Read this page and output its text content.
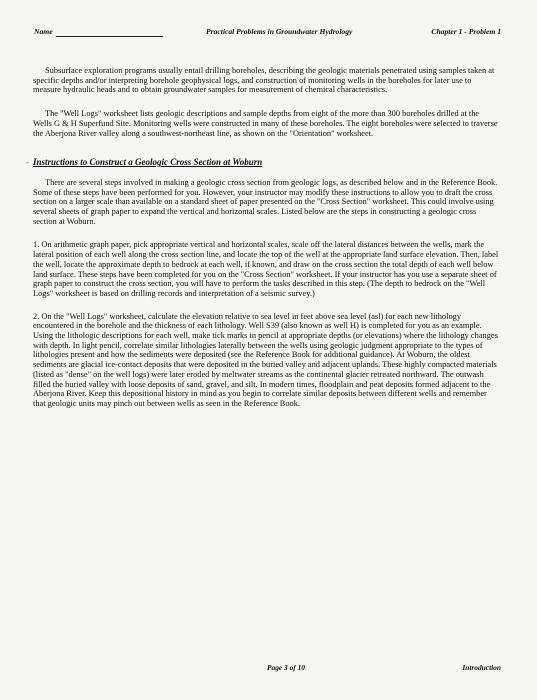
Name	Practical Problems in Groundwater Hydrology	Chapter 1 - Problem 1

Subsurface exploration programs usually entail drilling boreholes, describing the geologic materials penetrated using samples taken at specific depths and/or interpreting borehole geophysical logs, and construction of monitoring wells in the boreholes for later use to measure hydraulic heads and to obtain groundwater samples for measurement of chemical characteristics.

The "Well Logs" worksheet lists geologic descriptions and sample depths from eight of the more than 300 boreholes drilled at the Wells G & H Superfund Site. Monitoring wells were constructed in many of these boreholes. The eight boreholes were selected to traverse the Aberjona River valley along a southwest-northeast line, as shown on the "Orientation" worksheet.

- Instructions to Construct a Geologic Cross Section at Woburn

There are several steps involved in making a geologic cross section from geologic logs, as described below and in the Reference Book. Some of these steps have been performed for you. However, your instructor may modify these instructions to allow you to draft the cross section on a larger scale than available on a standard sheet of paper presented on the "Cross Section" worksheet. This could involve using several sheets of graph paper to expand the vertical and horizontal scales. Listed below are the steps in constructing a geologic cross section at Woburn.

1. On arithmetic graph paper, pick appropriate vertical and horizontal scales, scale off the lateral distances between the wells, mark the lateral position of each well along the cross section line, and locate the top of the well at the appropriate land surface elevation. Then, label the well, locate the approximate depth to bedrock at each well, if known, and draw on the cross section the total depth of each well below land surface. These steps have been completed for you on the "Cross Section" worksheet. If your instructor has you use a separate sheet of graph paper to construct the cross section, you will have to perform the tasks described in this step. (The depth to bedrock on the "Well Logs" worksheet is based on drilling records and interpretation of a seismic survey.)

2. On the "Well Logs" worksheet, calculate the elevation relative to sea level in feet above sea level (asl) for each new lithology encountered in the borehole and the thickness of each lithology. Well S39 (also known as well H) is completed for you as an example. Using the lithologic descriptions for each well, make tick marks in pencil at appropriate depths (or elevations) where the lithology changes with depth. In light pencil, correlate similar lithologies laterally between the wells using geologic judgment appropriate to the types of lithologies present and how the sediments were deposited (see the Reference Book for additional guidance). At Woburn, the oldest sediments are glacial ice-contact deposits that were deposited in the buried valley and adjacent uplands. These highly compacted materials (listed as "dense" on the well logs) were later eroded by meltwater streams as the continental glacier retreated northward. The outwash filled the buried valley with loose deposits of sand, gravel, and silt. In modern times, floodplain and peat deposits formed adjacent to the Aberjona River. Keep this depositional history in mind as you begin to correlate similar deposits between different wells and remember that geologic units may pinch out between wells as seen in the Reference Book.

Page 3 of 10	Introduction
